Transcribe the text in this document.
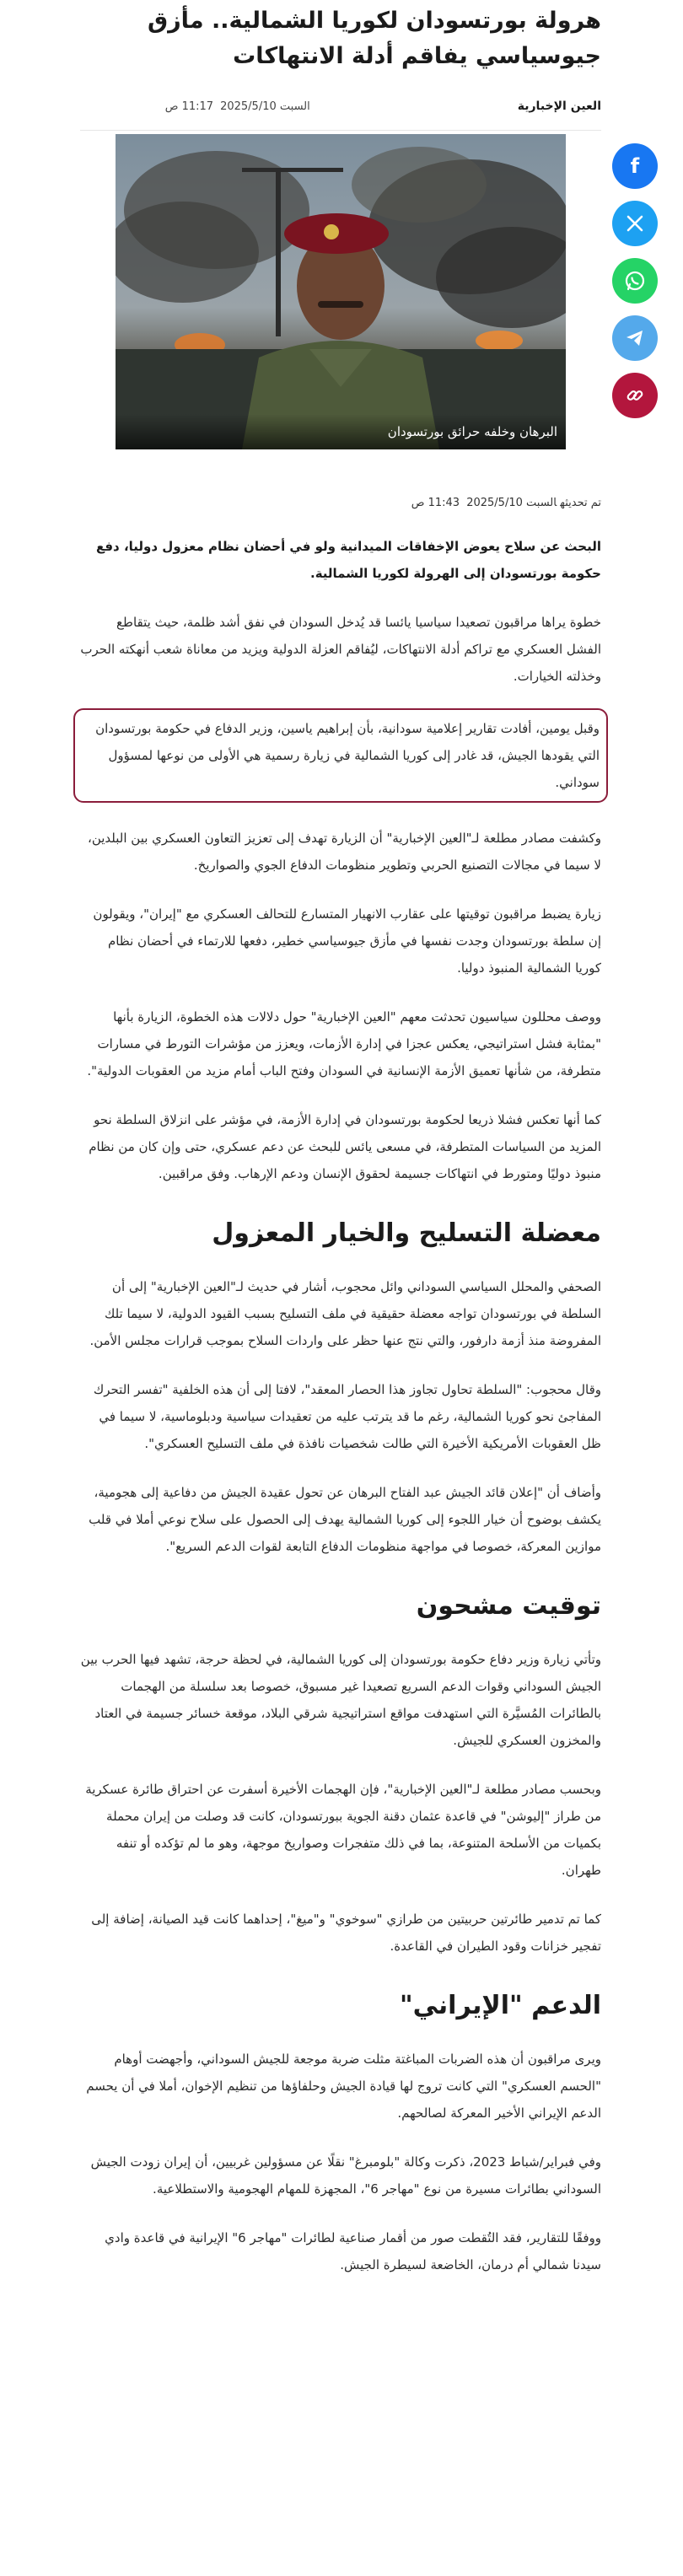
هرولة بورتسودان لكوريا الشمالية.. مأزق جيوسياسي يفاقم أدلة الانتهاكات
العين الإخبارية
السبت 2025/5/10
11:17 ص
البرهان وخلفه حرائق بورتسودان
تم تحديثهالسبت 2025/5/10 11:43 ص

البحث عن سلاح يعوض الإخفاقات الميدانية ولو في أحضان نظام معزول دوليا، دفع حكومة بورتسودان إلى الهرولة لكوريا الشمالية.

خطوة يراها مراقبون تصعيدا سياسيا يائسا قد يُدخل السودان في نفق أشد ظلمة، حيث يتقاطع الفشل العسكري مع تراكم أدلة الانتهاكات، ليُفاقم العزلة الدولية ويزيد من معاناة شعب أنهكته الحرب وخذلته الخيارات.

وقبل يومين، أفادت تقارير إعلامية سودانية، بأن إبراهيم ياسين، وزير الدفاع في حكومة بورتسودان التي يقودها الجيش، قد غادر إلى كوريا الشمالية في زيارة رسمية هي الأولى من نوعها لمسؤول سوداني.

وكشفت مصادر مطلعة لـ"العين الإخبارية" أن الزيارة تهدف إلى تعزيز التعاون العسكري بين البلدين، لا سيما في مجالات التصنيع الحربي وتطوير منظومات الدفاع الجوي والصواريخ.

زيارة يضبط مراقبون توقيتها على عقارب الانهيار المتسارع للتحالف العسكري مع "إيران"، ويقولون إن سلطة بورتسودان وجدت نفسها في مأزق جيوسياسي خطير، دفعها للارتماء في أحضان نظام كوريا الشمالية المنبوذ دوليا.

ووصف محللون سياسيون تحدثت معهم "العين الإخبارية" حول دلالات هذه الخطوة، الزيارة بأنها "بمثابة فشل استراتيجي، يعكس عجزا في إدارة الأزمات، ويعزز من مؤشرات التورط في مسارات متطرفة، من شأنها تعميق الأزمة الإنسانية في السودان وفتح الباب أمام مزيد من العقوبات الدولية".

كما أنها تعكس فشلا ذريعا لحكومة بورتسودان في إدارة الأزمة، في مؤشر على انزلاق السلطة نحو المزيد من السياسات المتطرفة، في مسعى يائس للبحث عن دعم عسكري، حتى وإن كان من نظام منبوذ دوليًا ومتورط في انتهاكات جسيمة لحقوق الإنسان ودعم الإرهاب. وفق مراقبين.

معضلة التسليح والخيار المعزول

الصحفي والمحلل السياسي السوداني وائل محجوب، أشار في حديث لـ"العين الإخبارية" إلى أن السلطة في بورتسودان تواجه معضلة حقيقية في ملف التسليح بسبب القيود الدولية، لا سيما تلك المفروضة منذ أزمة دارفور، والتي نتج عنها حظر على واردات السلاح بموجب قرارات مجلس الأمن.

وقال محجوب: "السلطة تحاول تجاوز هذا الحصار المعقد"، لافتا إلى أن هذه الخلفية "تفسر التحرك المفاجئ نحو كوريا الشمالية، رغم ما قد يترتب عليه من تعقيدات سياسية ودبلوماسية، لا سيما في ظل العقوبات الأمريكية الأخيرة التي طالت شخصيات نافذة في ملف التسليح العسكري".

وأضاف أن "إعلان قائد الجيش عبد الفتاح البرهان عن تحول عقيدة الجيش من دفاعية إلى هجومية، يكشف بوضوح أن خيار اللجوء إلى كوريا الشمالية يهدف إلى الحصول على سلاح نوعي أملا في قلب موازين المعركة، خصوصا في مواجهة منظومات الدفاع التابعة لقوات الدعم السريع".

توقيت مشحون

وتأتي زيارة وزير دفاع حكومة بورتسودان إلى كوريا الشمالية، في لحظة حرجة، تشهد فيها الحرب بين الجيش السوداني وقوات الدعم السريع تصعيدا غير مسبوق، خصوصا بعد سلسلة من الهجمات بالطائرات المُسيَّرة التي استهدفت مواقع استراتيجية شرقي البلاد، موقعة خسائر جسيمة في العتاد والمخزون العسكري للجيش.

وبحسب مصادر مطلعة لـ"العين الإخبارية"، فإن الهجمات الأخيرة أسفرت عن احتراق طائرة عسكرية من طراز "إليوشن" في قاعدة عثمان دقنة الجوية ببورتسودان، كانت قد وصلت من إيران محملة بكميات من الأسلحة المتنوعة، بما في ذلك متفجرات وصواريخ موجهة، وهو ما لم تؤكده أو تنفه طهران.

كما تم تدمير طائرتين حربيتين من طرازي "سوخوي" و"ميغ"، إحداهما كانت قيد الصيانة، إضافة إلى تفجير خزانات وقود الطيران في القاعدة.

الدعم "الإيراني"

ويرى مراقبون أن هذه الضربات المباغتة مثلت ضربة موجعة للجيش السوداني، وأجهضت أوهام "الحسم العسكري" التي كانت تروج لها قيادة الجيش وحلفاؤها من تنظيم الإخوان، أملا في أن يحسم الدعم الإيراني الأخير المعركة لصالحهم.

وفي فبراير/شباط 2023، ذكرت وكالة "بلومبرغ" نقلًا عن مسؤولين غربيين، أن إيران زودت الجيش السوداني بطائرات مسيرة من نوع "مهاجر 6"، المجهزة للمهام الهجومية والاستطلاعية.

ووفقًا للتقارير، فقد التُقطت صور من أقمار صناعية لطائرات "مهاجر 6" الإيرانية في قاعدة وادي سيدنا شمالي أم درمان، الخاضعة لسيطرة الجيش.

f
